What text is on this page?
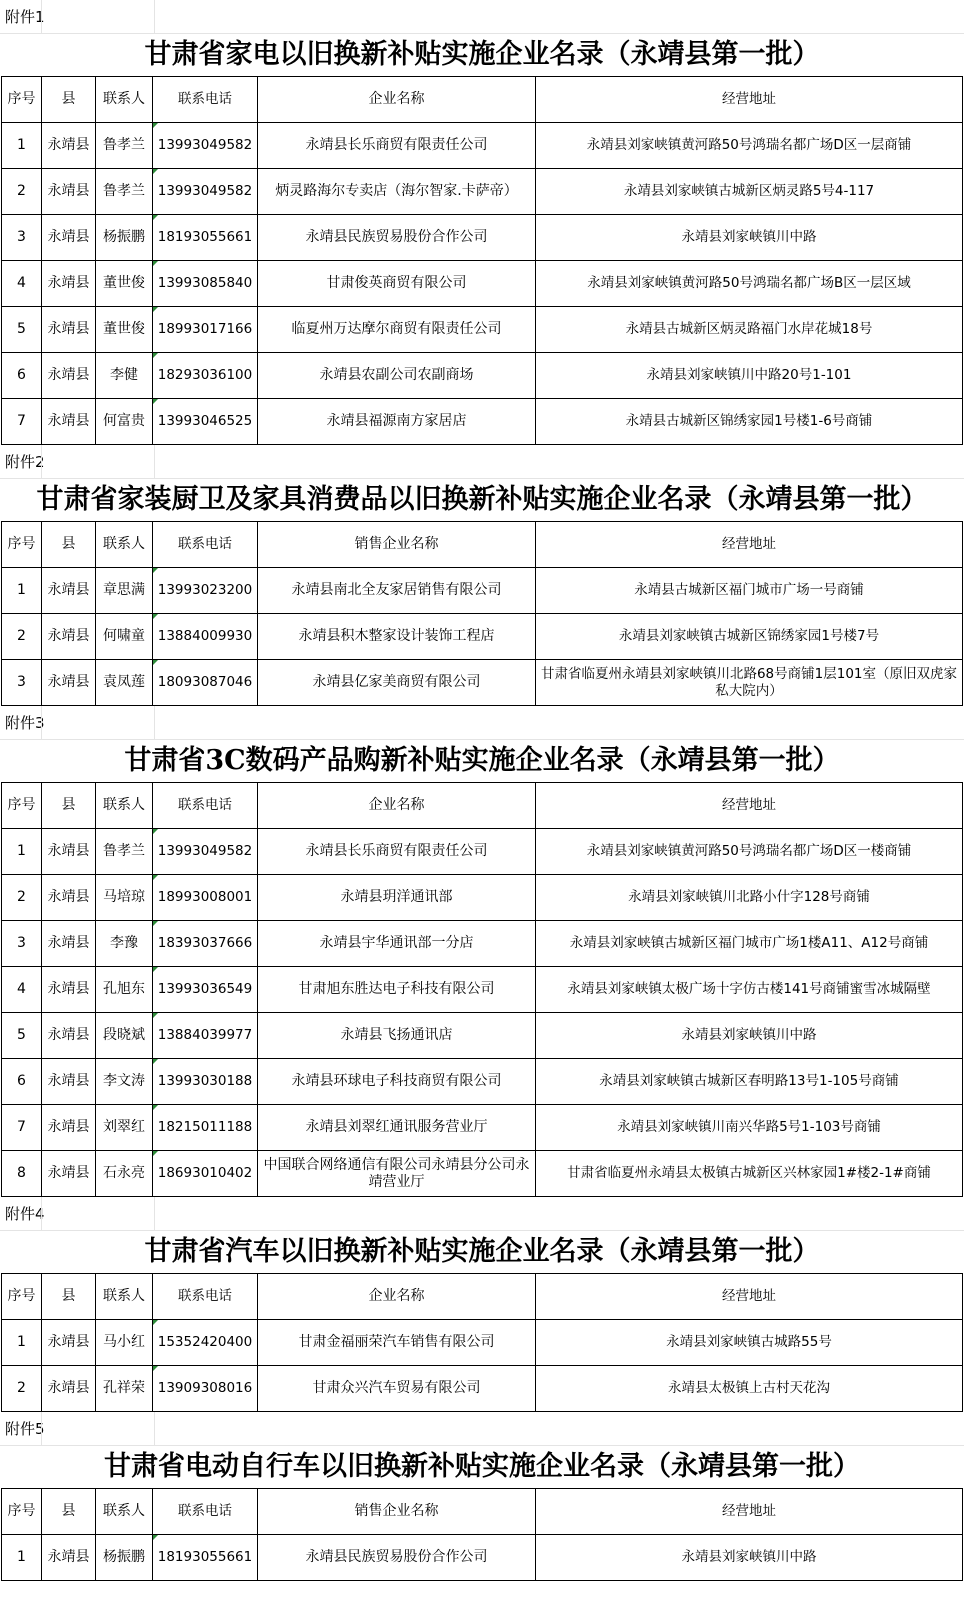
附件1
甘肃省家电以旧换新补贴实施企业名录（永靖县第一批）
序号	县	联系人	联系电话	企业名称	经营地址
1	永靖县	鲁孝兰	13993049582	永靖县长乐商贸有限责任公司	永靖县刘家峡镇黄河路50号鸿瑞名都广场D区一层商铺
2	永靖县	鲁孝兰	13993049582	炳灵路海尔专卖店（海尔智家.卡萨帝）	永靖县刘家峡镇古城新区炳灵路5号4-117
3	永靖县	杨振鹏	18193055661	永靖县民族贸易股份合作公司	永靖县刘家峡镇川中路
4	永靖县	董世俊	13993085840	甘肃俊英商贸有限公司	永靖县刘家峡镇黄河路50号鸿瑞名都广场B区一层区域
5	永靖县	董世俊	18993017166	临夏州万达摩尔商贸有限责任公司	永靖县古城新区炳灵路福门水岸花城18号
6	永靖县	李健	18293036100	永靖县农副公司农副商场	永靖县刘家峡镇川中路20号1-101
7	永靖县	何富贵	13993046525	永靖县福源南方家居店	永靖县古城新区锦绣家园1号楼1-6号商铺
附件2
甘肃省家装厨卫及家具消费品以旧换新补贴实施企业名录（永靖县第一批）
序号	县	联系人	联系电话	销售企业名称	经营地址
1	永靖县	章思满	13993023200	永靖县南北全友家居销售有限公司	永靖县古城新区福门城市广场一号商铺
2	永靖县	何啸童	13884009930	永靖县积木整家设计装饰工程店	永靖县刘家峡镇古城新区锦绣家园1号楼7号
3	永靖县	袁凤莲	18093087046	永靖县亿家美商贸有限公司	甘肃省临夏州永靖县刘家峡镇川北路68号商铺1层101室（原旧双虎家私大院内）
附件3
甘肃省3C数码产品购新补贴实施企业名录（永靖县第一批）
序号	县	联系人	联系电话	企业名称	经营地址
1	永靖县	鲁孝兰	13993049582	永靖县长乐商贸有限责任公司	永靖县刘家峡镇黄河路50号鸿瑞名都广场D区一楼商铺
2	永靖县	马培琼	18993008001	永靖县玥洋通讯部	永靖县刘家峡镇川北路小什字128号商铺
3	永靖县	李豫	18393037666	永靖县宇华通讯部一分店	永靖县刘家峡镇古城新区福门城市广场1楼A11、A12号商铺
4	永靖县	孔旭东	13993036549	甘肃旭东胜达电子科技有限公司	永靖县刘家峡镇太极广场十字仿古楼141号商铺蜜雪冰城隔壁
5	永靖县	段晓斌	13884039977	永靖县飞扬通讯店	永靖县刘家峡镇川中路
6	永靖县	李文涛	13993030188	永靖县环球电子科技商贸有限公司	永靖县刘家峡镇古城新区春明路13号1-105号商铺
7	永靖县	刘翠红	18215011188	永靖县刘翠红通讯服务营业厅	永靖县刘家峡镇川南兴华路5号1-103号商铺
8	永靖县	石永亮	18693010402	中国联合网络通信有限公司永靖县分公司永靖营业厅	甘肃省临夏州永靖县太极镇古城新区兴林家园1#楼2-1#商铺
附件4
甘肃省汽车以旧换新补贴实施企业名录（永靖县第一批）
序号	县	联系人	联系电话	企业名称	经营地址
1	永靖县	马小红	15352420400	甘肃金福丽荣汽车销售有限公司	永靖县刘家峡镇古城路55号
2	永靖县	孔祥荣	13909308016	甘肃众兴汽车贸易有限公司	永靖县太极镇上古村天花沟
附件5
甘肃省电动自行车以旧换新补贴实施企业名录（永靖县第一批）
序号	县	联系人	联系电话	销售企业名称	经营地址
1	永靖县	杨振鹏	18193055661	永靖县民族贸易股份合作公司	永靖县刘家峡镇川中路
